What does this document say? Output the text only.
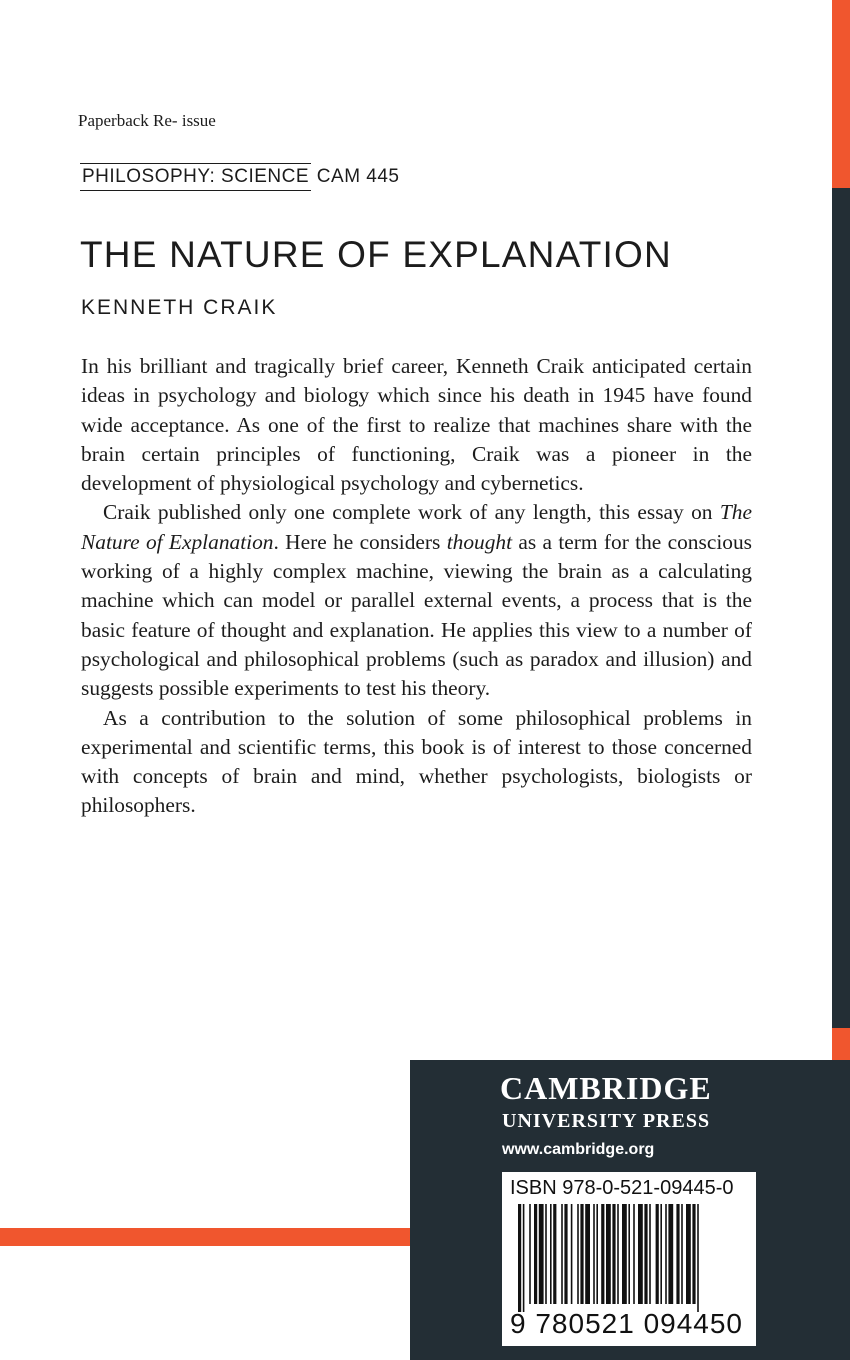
Paperback Re- issue
PHILOSOPHY: SCIENCE CAM 445
THE NATURE OF EXPLANATION
KENNETH CRAIK

In his brilliant and tragically brief career, Kenneth Craik anticipated certain ideas in psychology and biology which since his death in 1945 have found wide acceptance. As one of the first to realize that machines share with the brain certain principles of functioning, Craik was a pioneer in the development of physiological psychology and cybernetics.

Craik published only one complete work of any length, this essay on The Nature of Explanation. Here he considers thought as a term for the conscious working of a highly complex machine, viewing the brain as a calculating machine which can model or parallel external events, a process that is the basic feature of thought and explanation. He applies this view to a number of psychological and philosophical problems (such as paradox and illusion) and suggests possible experiments to test his theory.

As a contribution to the solution of some philosophical problems in experimental and scientific terms, this book is of interest to those concerned with concepts of brain and mind, whether psychologists, biologists or philosophers.

CAMBRIDGE
UNIVERSITY PRESS
www.cambridge.org
ISBN 978-0-521-09445-0
9 780521 094450
